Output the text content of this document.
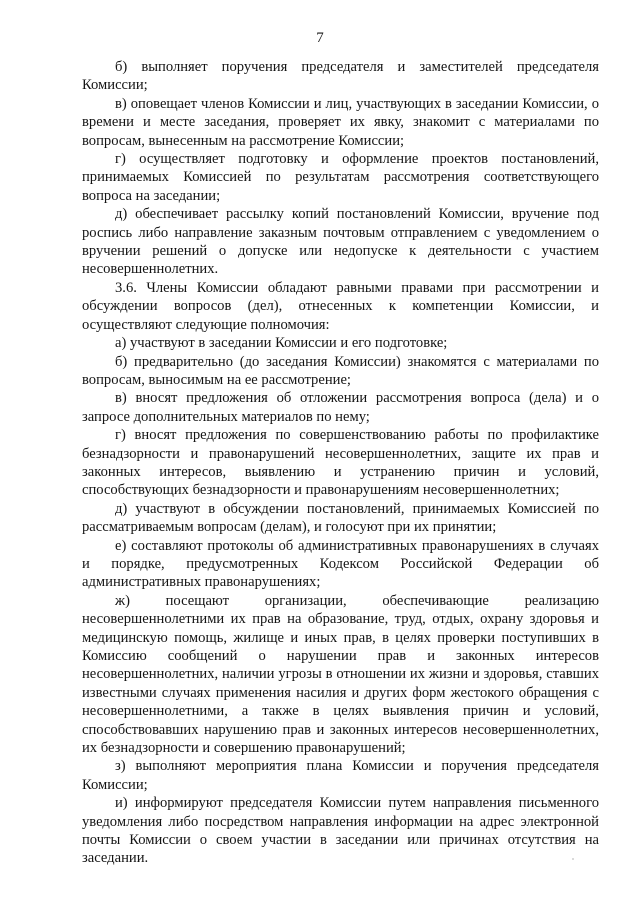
7

б) выполняет поручения председателя и заместителей председателя Комиссии;

в) оповещает членов Комиссии и лиц, участвующих в заседании Комиссии, о времени и месте заседания, проверяет их явку, знакомит с материалами по вопросам, вынесенным на рассмотрение Комиссии;

г) осуществляет подготовку и оформление проектов постановлений, принимаемых Комиссией по результатам рассмотрения соответствующего вопроса на заседании;

д) обеспечивает рассылку копий постановлений Комиссии, вручение под роспись либо направление заказным почтовым отправлением с уведомлением о вручении решений о допуске или недопуске к деятельности с участием несовершеннолетних.

3.6. Члены Комиссии обладают равными правами при рассмотрении и обсуждении вопросов (дел), отнесенных к компетенции Комиссии, и осуществляют следующие полномочия:

а) участвуют в заседании Комиссии и его подготовке;

б) предварительно (до заседания Комиссии) знакомятся с материалами по вопросам, выносимым на ее рассмотрение;

в) вносят предложения об отложении рассмотрения вопроса (дела) и о запросе дополнительных материалов по нему;

г) вносят предложения по совершенствованию работы по профилактике безнадзорности и правонарушений несовершеннолетних, защите их прав и законных интересов, выявлению и устранению причин и условий, способствующих безнадзорности и правонарушениям несовершеннолетних;

д) участвуют в обсуждении постановлений, принимаемых Комиссией по рассматриваемым вопросам (делам), и голосуют при их принятии;

е) составляют протоколы об административных правонарушениях в случаях и порядке, предусмотренных Кодексом Российской Федерации об административных правонарушениях;

ж) посещают организации, обеспечивающие реализацию несовершеннолетними их прав на образование, труд, отдых, охрану здоровья и медицинскую помощь, жилище и иных прав, в целях проверки поступивших в Комиссию сообщений о нарушении прав и законных интересов несовершеннолетних, наличии угрозы в отношении их жизни и здоровья, ставших известными случаях применения насилия и других форм жестокого обращения с несовершеннолетними, а также в целях выявления причин и условий, способствовавших нарушению прав и законных интересов несовершеннолетних, их безнадзорности и совершению правонарушений;

з) выполняют мероприятия плана Комиссии и поручения председателя Комиссии;

и) информируют председателя Комиссии путем направления письменного уведомления либо посредством направления информации на адрес электронной почты Комиссии о своем участии в заседании или причинах отсутствия на заседании.
